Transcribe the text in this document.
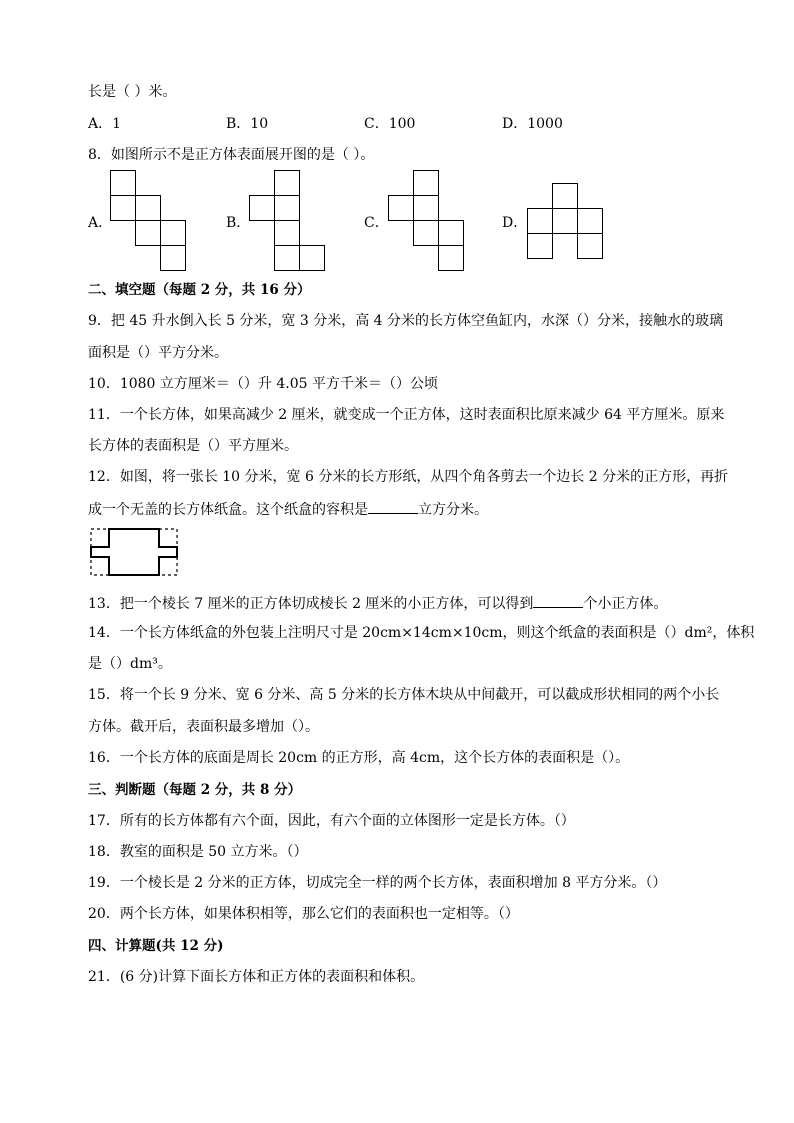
长是（ ）米。
A．1	B．10	C．100	D．1000
8．如图所示不是正方体表面展开图的是（ ）。
A．	B．	C．	D．
二、填空题（每题 2 分，共 16 分）
9．把 45 升水倒入长 5 分米，宽 3 分米，高 4 分米的长方体空鱼缸内，水深（）分米，接触水的玻璃
面积是（）平方分米。
10．1080 立方厘米＝（）升 4.05 平方千米＝（）公顷
11．一个长方体，如果高减少 2 厘米，就变成一个正方体，这时表面积比原来减少 64 平方厘米。原来
长方体的表面积是（）平方厘米。
12．如图，将一张长 10 分米，宽 6 分米的长方形纸，从四个角各剪去一个边长 2 分米的正方形，再折
成一个无盖的长方体纸盒。这个纸盒的容积是	立方分米。
13．把一个棱长 7 厘米的正方体切成棱长 2 厘米的小正方体，可以得到	个小正方体。
14．一个长方体纸盒的外包装上注明尺寸是 20cm×14cm×10cm，则这个纸盒的表面积是（）dm²，体积
是（）dm³。
15．将一个长 9 分米、宽 6 分米、高 5 分米的长方体木块从中间截开，可以截成形状相同的两个小长
方体。截开后，表面积最多增加（）。
16．一个长方体的底面是周长 20cm 的正方形，高 4cm，这个长方体的表面积是（）。
三、判断题（每题 2 分，共 8 分）
17．所有的长方体都有六个面，因此，有六个面的立体图形一定是长方体。（）
18．教室的面积是 50 立方米。（）
19．一个棱长是 2 分米的正方体，切成完全一样的两个长方体，表面积增加 8 平方分米。（）
20．两个长方体，如果体积相等，那么它们的表面积也一定相等。（）
四、计算题(共 12 分)
21．(6 分)计算下面长方体和正方体的表面积和体积。
